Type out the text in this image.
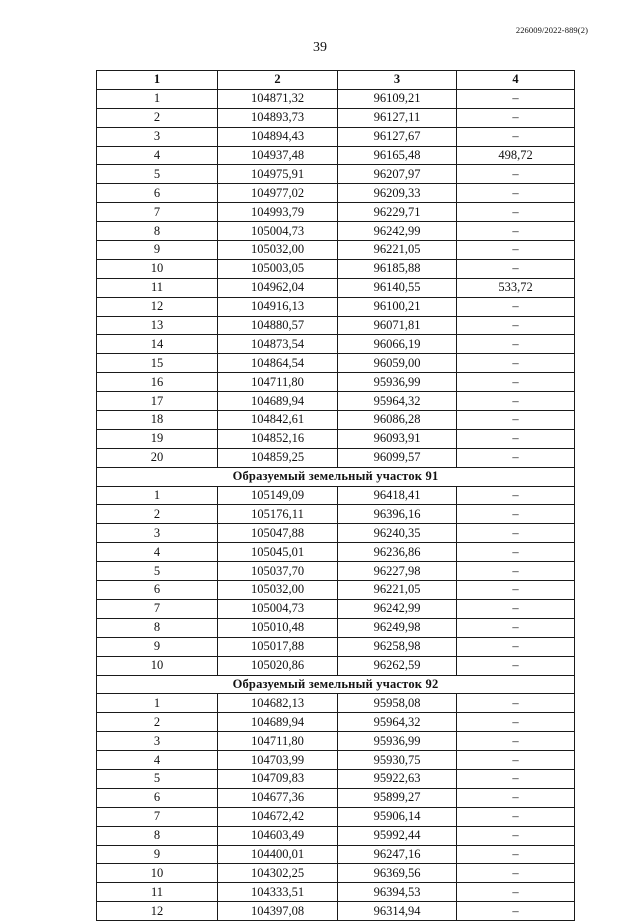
226009/2022-889(2)
39
1	2	3	4
1	104871,32	96109,21	–
2	104893,73	96127,11	–
3	104894,43	96127,67	–
4	104937,48	96165,48	498,72
5	104975,91	96207,97	–
6	104977,02	96209,33	–
7	104993,79	96229,71	–
8	105004,73	96242,99	–
9	105032,00	96221,05	–
10	105003,05	96185,88	–
11	104962,04	96140,55	533,72
12	104916,13	96100,21	–
13	104880,57	96071,81	–
14	104873,54	96066,19	–
15	104864,54	96059,00	–
16	104711,80	95936,99	–
17	104689,94	95964,32	–
18	104842,61	96086,28	–
19	104852,16	96093,91	–
20	104859,25	96099,57	–
Образуемый земельный участок 91			
1	105149,09	96418,41	–
2	105176,11	96396,16	–
3	105047,88	96240,35	–
4	105045,01	96236,86	–
5	105037,70	96227,98	–
6	105032,00	96221,05	–
7	105004,73	96242,99	–
8	105010,48	96249,98	–
9	105017,88	96258,98	–
10	105020,86	96262,59	–
Образуемый земельный участок 92			
1	104682,13	95958,08	–
2	104689,94	95964,32	–
3	104711,80	95936,99	–
4	104703,99	95930,75	–
5	104709,83	95922,63	–
6	104677,36	95899,27	–
7	104672,42	95906,14	–
8	104603,49	95992,44	–
9	104400,01	96247,16	–
10	104302,25	96369,56	–
11	104333,51	96394,53	–
12	104397,08	96314,94	–
